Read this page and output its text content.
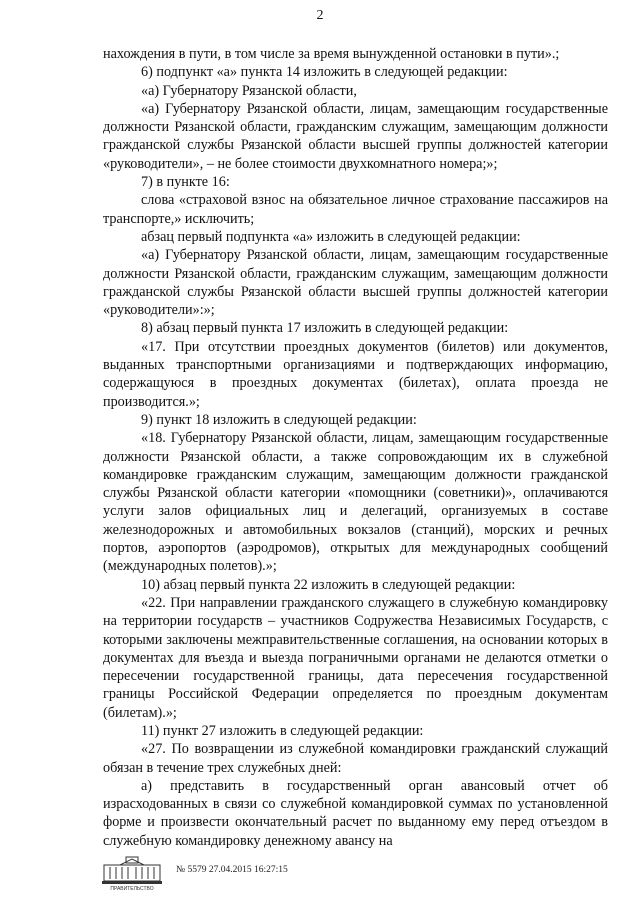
2

нахождения в пути, в том числе за время вынужденной остановки в пути».;

6) подпункт «а» пункта 14 изложить в следующей редакции:

«а) Губернатору Рязанской области,

«а) Губернатору Рязанской области, лицам, замещающим государственные должности Рязанской области, гражданским служащим, замещающим должности гражданской службы Рязанской области высшей группы должностей категории «руководители», – не более стоимости двухкомнатного номера;»;

7) в пункте 16:

слова «страховой взнос на обязательное личное страхование пассажиров на транспорте,» исключить;

абзац первый подпункта «а» изложить в следующей редакции:

«а) Губернатору Рязанской области, лицам, замещающим государственные должности Рязанской области, гражданским служащим, замещающим должности гражданской службы Рязанской области высшей группы должностей категории «руководители»:»;

8) абзац первый пункта 17 изложить в следующей редакции:

«17. При отсутствии проездных документов (билетов) или документов, выданных транспортными организациями и подтверждающих информацию, содержащуюся в проездных документах (билетах), оплата проезда не производится.»;

9) пункт 18 изложить в следующей редакции:

«18. Губернатору Рязанской области, лицам, замещающим государственные должности Рязанской области, а также сопровождающим их в служебной командировке гражданским служащим, замещающим должности гражданской службы Рязанской области категории «помощники (советники)», оплачиваются услуги залов официальных лиц и делегаций, организуемых в составе железнодорожных и автомобильных вокзалов (станций), морских и речных портов, аэропортов (аэродромов), открытых для международных сообщений (международных полетов).»;

10) абзац первый пункта 22 изложить в следующей редакции:

«22. При направлении гражданского служащего в служебную командировку на территории государств – участников Содружества Независимых Государств, с которыми заключены межправительственные соглашения, на основании которых в документах для въезда и выезда пограничными органами не делаются отметки о пересечении государственной границы, дата пересечения государственной границы Российской Федерации определяется по проездным документам (билетам).»;

11) пункт 27 изложить в следующей редакции:

«27. По возвращении из служебной командировки гражданский служащий обязан в течение трех служебных дней:

а) представить в государственный орган авансовый отчет об израсходованных в связи со служебной командировкой суммах по установленной форме и произвести окончательный расчет по выданному ему перед отъездом в служебную командировку денежному авансу на

ПРАВИТЕЛЬСТВО
№ 5579 27.04.2015 16:27:15
